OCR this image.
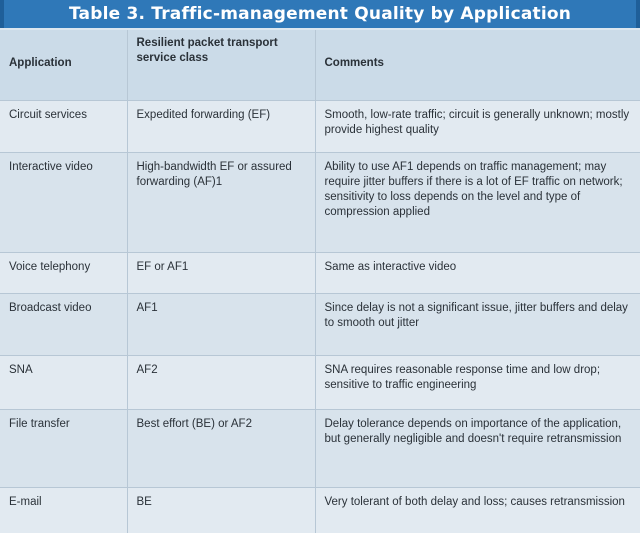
Table 3. Traffic-management Quality by Application
Application	Resilient packet transport service class	Comments

Circuit services	Expedited forwarding (EF)	Smooth, low-rate traffic; circuit is generally unknown; mostly provide highest quality
Interactive video	High-bandwidth EF or assured forwarding (AF)1	Ability to use AF1 depends on traffic management; may require jitter buffers if there is a lot of EF traffic on network; sensitivity to loss depends on the level and type of compression applied
Voice telephony	EF or AF1	Same as interactive video
Broadcast video	AF1	Since delay is not a significant issue, jitter buffers and delay to smooth out jitter
SNA	AF2	SNA requires reasonable response time and low drop; sensitive to traffic engineering
File transfer	Best effort (BE) or AF2	Delay tolerance depends on importance of the application, but generally negligible and doesn't require retransmission
E-mail	BE	Very tolerant of both delay and loss; causes retransmission
